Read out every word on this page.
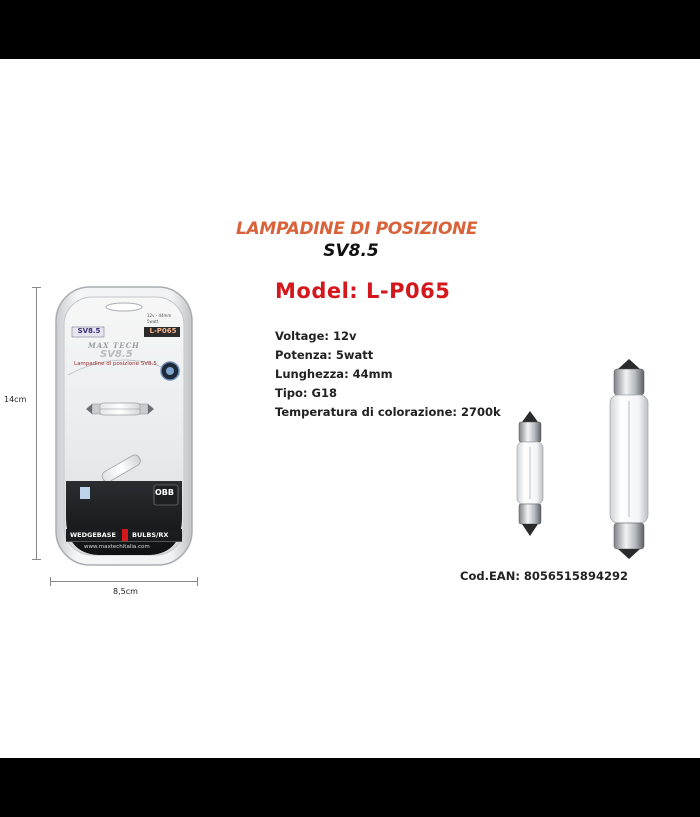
LAMPADINE DI POSIZIONE
SV8.5
Model: L-P065
Voltage: 12v
Potenza: 5watt
Lunghezza: 44mm
Tipo: G18
Temperatura di colorazione: 2700k
Cod.EAN: 8056515894292
14cm
8,5cm
SV8.5	L-P065
12v - 44mm
5watt
MAX TECH
SV8.5
Lampadine di posizione SV8.5
OBB
WEDGEBASE BULBS/RX
www.maxtechitalia.com
